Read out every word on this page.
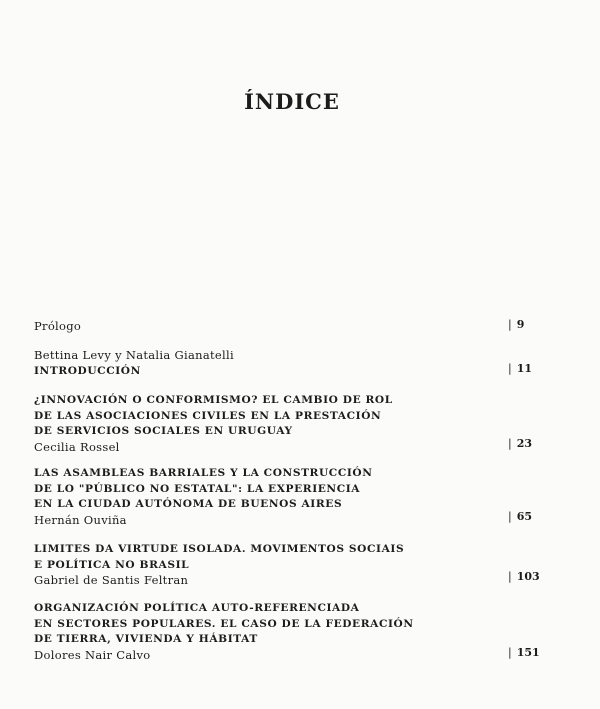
ÍNDICE
Prólogo	| 9
Bettina Levy y Natalia Gianatelli
INTRODUCCIÓN	| 11
¿INNOVACIÓN O CONFORMISMO? EL CAMBIO DE ROL
DE LAS ASOCIACIONES CIVILES EN LA PRESTACIÓN
DE SERVICIOS SOCIALES EN URUGUAY
Cecilia Rossel	| 23
LAS ASAMBLEAS BARRIALES Y LA CONSTRUCCIÓN
DE LO "PÚBLICO NO ESTATAL": LA EXPERIENCIA
EN LA CIUDAD AUTÓNOMA DE BUENOS AIRES
Hernán Ouviña	| 65
LIMITES DA VIRTUDE ISOLADA. MOVIMENTOS SOCIAIS
E POLÍTICA NO BRASIL
Gabriel de Santis Feltran	| 103
ORGANIZACIÓN POLÍTICA AUTO-REFERENCIADA
EN SECTORES POPULARES. EL CASO DE LA FEDERACIÓN
DE TIERRA, VIVIENDA Y HÁBITAT
Dolores Nair Calvo	| 151
